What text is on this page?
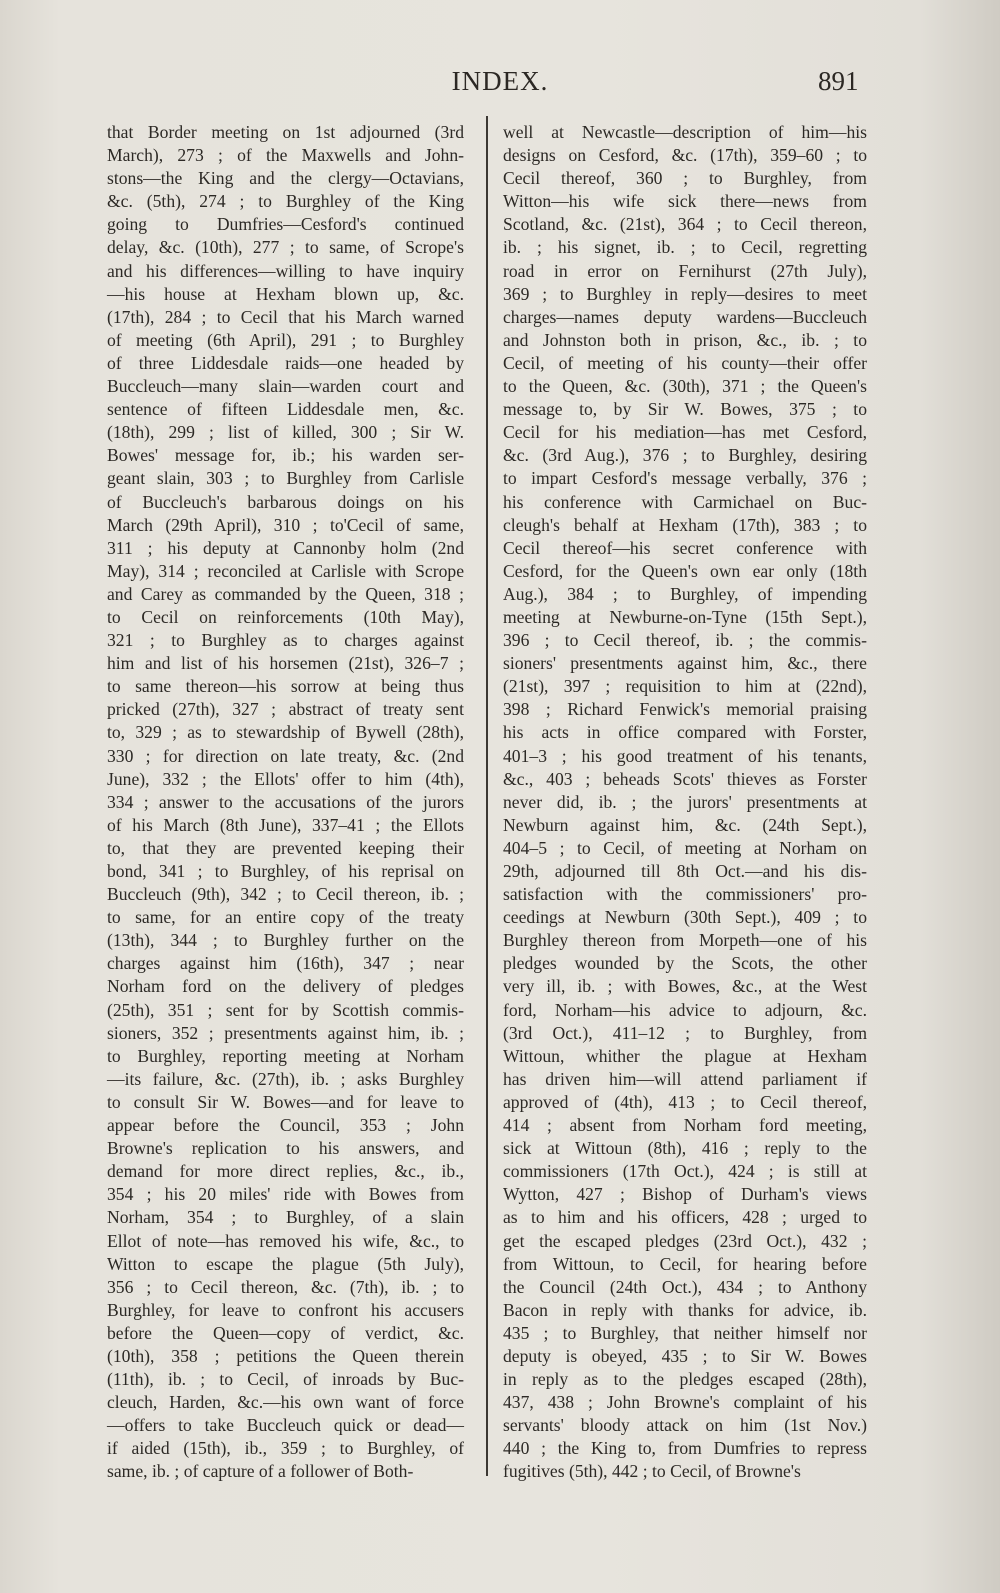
INDEX.	891
that Border meeting on 1st adjourned (3rd
March), 273 ; of the Maxwells and John-
stons—the King and the clergy—Octavians,
&c. (5th), 274 ; to Burghley of the King
going to Dumfries—Cesford's continued
delay, &c. (10th), 277 ; to same, of Scrope's
and his differences—willing to have inquiry
—his house at Hexham blown up, &c.
(17th), 284 ; to Cecil that his March warned
of meeting (6th April), 291 ; to Burghley
of three Liddesdale raids—one headed by
Buccleuch—many slain—warden court and
sentence of fifteen Liddesdale men, &c.
(18th), 299 ; list of killed, 300 ; Sir W.
Bowes' message for, ib.; his warden ser-
geant slain, 303 ; to Burghley from Carlisle
of Buccleuch's barbarous doings on his
March (29th April), 310 ; to'Cecil of same,
311 ; his deputy at Cannonby holm (2nd
May), 314 ; reconciled at Carlisle with Scrope
and Carey as commanded by the Queen, 318 ;
to Cecil on reinforcements (10th May),
321 ; to Burghley as to charges against
him and list of his horsemen (21st), 326–7 ;
to same thereon—his sorrow at being thus
pricked (27th), 327 ; abstract of treaty sent
to, 329 ; as to stewardship of Bywell (28th),
330 ; for direction on late treaty, &c. (2nd
June), 332 ; the Ellots' offer to him (4th),
334 ; answer to the accusations of the jurors
of his March (8th June), 337–41 ; the Ellots
to, that they are prevented keeping their
bond, 341 ; to Burghley, of his reprisal on
Buccleuch (9th), 342 ; to Cecil thereon, ib. ;
to same, for an entire copy of the treaty
(13th), 344 ; to Burghley further on the
charges against him (16th), 347 ; near
Norham ford on the delivery of pledges
(25th), 351 ; sent for by Scottish commis-
sioners, 352 ; presentments against him, ib. ;
to Burghley, reporting meeting at Norham
—its failure, &c. (27th), ib. ; asks Burghley
to consult Sir W. Bowes—and for leave to
appear before the Council, 353 ; John
Browne's replication to his answers, and
demand for more direct replies, &c., ib.,
354 ; his 20 miles' ride with Bowes from
Norham, 354 ; to Burghley, of a slain
Ellot of note—has removed his wife, &c., to
Witton to escape the plague (5th July),
356 ; to Cecil thereon, &c. (7th), ib. ; to
Burghley, for leave to confront his accusers
before the Queen—copy of verdict, &c.
(10th), 358 ; petitions the Queen therein
(11th), ib. ; to Cecil, of inroads by Buc-
cleuch, Harden, &c.—his own want of force
—offers to take Buccleuch quick or dead—
if aided (15th), ib., 359 ; to Burghley, of
same, ib. ; of capture of a follower of Both-
well at Newcastle—description of him—his
designs on Cesford, &c. (17th), 359–60 ; to
Cecil thereof, 360 ; to Burghley, from
Witton—his wife sick there—news from
Scotland, &c. (21st), 364 ; to Cecil thereon,
ib. ; his signet, ib. ; to Cecil, regretting
road in error on Fernihurst (27th July),
369 ; to Burghley in reply—desires to meet
charges—names deputy wardens—Buccleuch
and Johnston both in prison, &c., ib. ; to
Cecil, of meeting of his county—their offer
to the Queen, &c. (30th), 371 ; the Queen's
message to, by Sir W. Bowes, 375 ; to
Cecil for his mediation—has met Cesford,
&c. (3rd Aug.), 376 ; to Burghley, desiring
to impart Cesford's message verbally, 376 ;
his conference with Carmichael on Buc-
cleugh's behalf at Hexham (17th), 383 ; to
Cecil thereof—his secret conference with
Cesford, for the Queen's own ear only (18th
Aug.), 384 ; to Burghley, of impending
meeting at Newburne-on-Tyne (15th Sept.),
396 ; to Cecil thereof, ib. ; the commis-
sioners' presentments against him, &c., there
(21st), 397 ; requisition to him at (22nd),
398 ; Richard Fenwick's memorial praising
his acts in office compared with Forster,
401–3 ; his good treatment of his tenants,
&c., 403 ; beheads Scots' thieves as Forster
never did, ib. ; the jurors' presentments at
Newburn against him, &c. (24th Sept.),
404–5 ; to Cecil, of meeting at Norham on
29th, adjourned till 8th Oct.—and his dis-
satisfaction with the commissioners' pro-
ceedings at Newburn (30th Sept.), 409 ; to
Burghley thereon from Morpeth—one of his
pledges wounded by the Scots, the other
very ill, ib. ; with Bowes, &c., at the West
ford, Norham—his advice to adjourn, &c.
(3rd Oct.), 411–12 ; to Burghley, from
Wittoun, whither the plague at Hexham
has driven him—will attend parliament if
approved of (4th), 413 ; to Cecil thereof,
414 ; absent from Norham ford meeting,
sick at Wittoun (8th), 416 ; reply to the
commissioners (17th Oct.), 424 ; is still at
Wytton, 427 ; Bishop of Durham's views
as to him and his officers, 428 ; urged to
get the escaped pledges (23rd Oct.), 432 ;
from Wittoun, to Cecil, for hearing before
the Council (24th Oct.), 434 ; to Anthony
Bacon in reply with thanks for advice, ib.
435 ; to Burghley, that neither himself nor
deputy is obeyed, 435 ; to Sir W. Bowes
in reply as to the pledges escaped (28th),
437, 438 ; John Browne's complaint of his
servants' bloody attack on him (1st Nov.)
440 ; the King to, from Dumfries to repress
fugitives (5th), 442 ; to Cecil, of Browne's
